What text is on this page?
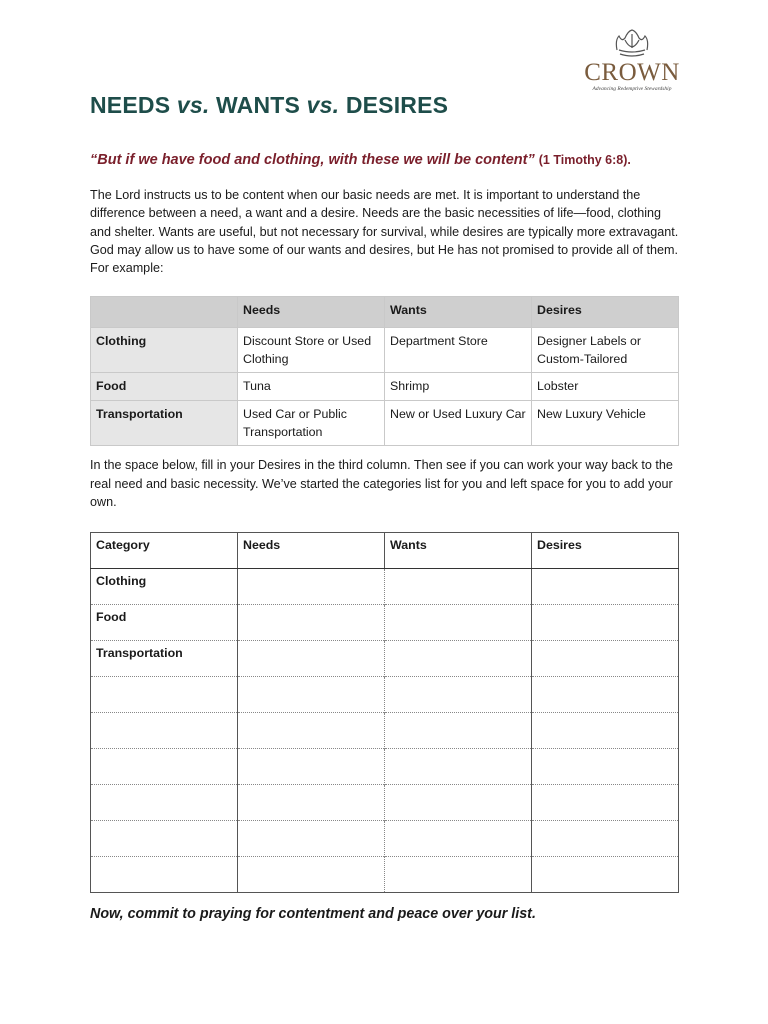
CROWN
Advancing Redemptive Stewardship
NEEDS vs. WANTS vs. DESIRES
“But if we have food and clothing, with these we will be content” (1 Timothy 6:8).
The Lord instructs us to be content when our basic needs are met. It is important to understand the difference between a need, a want and a desire. Needs are the basic necessities of life—food, clothing and shelter. Wants are useful, but not necessary for survival, while desires are typically more extravagant. God may allow us to have some of our wants and desires, but He has not promised to provide all of them. For example:
	Needs	Wants	Desires
Clothing	Discount Store or Used Clothing	Department Store	Designer Labels or Custom-Tailored
Food	Tuna	Shrimp	Lobster
Transportation	Used Car or Public Transportation	New or Used Luxury Car	New Luxury Vehicle
In the space below, fill in your Desires in the third column. Then see if you can work your way back to the real need and basic necessity. We’ve started the categories list for you and left space for you to add your own.
Category	Needs	Wants	Desires
Clothing			
Food			
Transportation			

Now, commit to praying for contentment and peace over your list.
